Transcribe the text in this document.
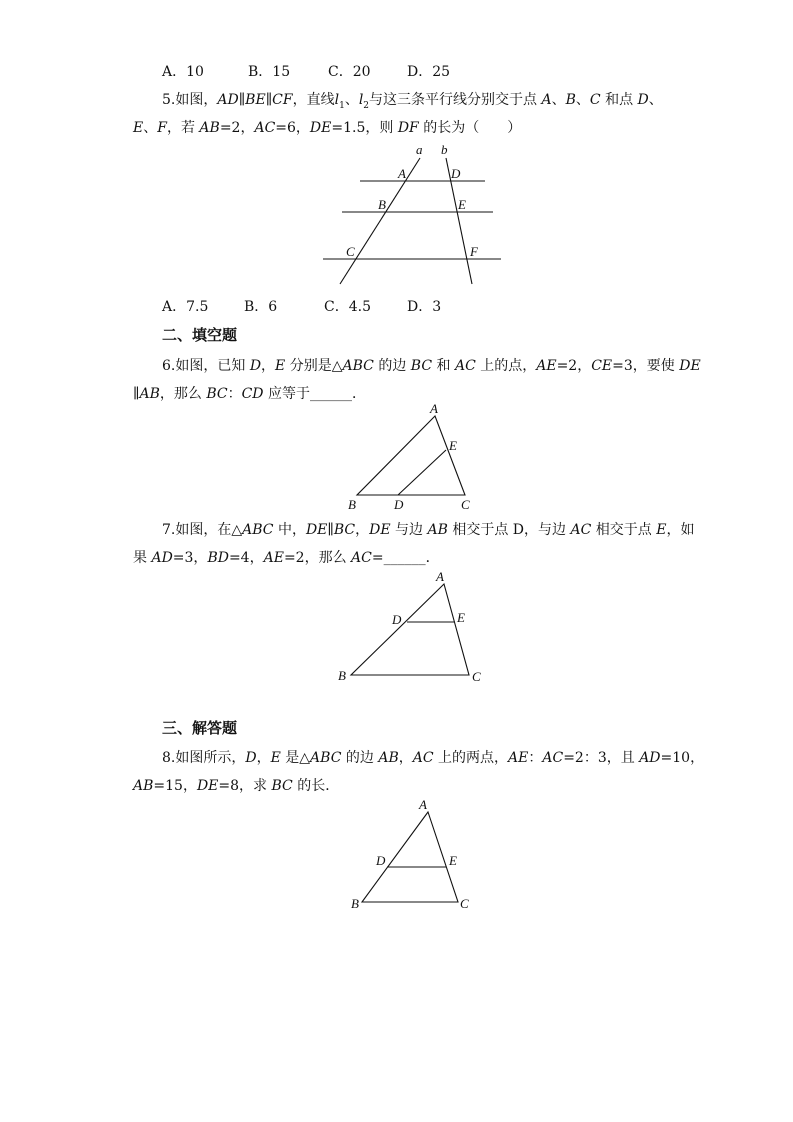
A．10	B．15	C．20	D．25
5.如图，AD∥BE∥CF，直线$l_1$、$l_2$与这三条平行线分别交于点 A、B、C 和点 D、
E、F，若 AB=2，AC=6，DE=1.5，则 DF 的长为（　　）
a b
A	D
B	E
C	F
A．7.5	B．6	C．4.5	D．3
二、填空题
6.如图，已知 D，E 分别是△ABC 的边 BC 和 AC 上的点，AE=2，CE=3，要使 DE
∥AB，那么 BC：CD 应等于______．
A
E
B	D	C
7.如图，在△ABC 中，DE∥BC，DE 与边 AB 相交于点 D，与边 AC 相交于点 E，如
果 AD=3，BD=4，AE=2，那么 AC=______．
A
D	E
B	C
三、解答题
8.如图所示，D，E 是△ABC 的边 AB，AC 上的两点，AE：AC=2：3，且 AD=10，
AB=15，DE=8，求 BC 的长．
A
D	E
B	C
